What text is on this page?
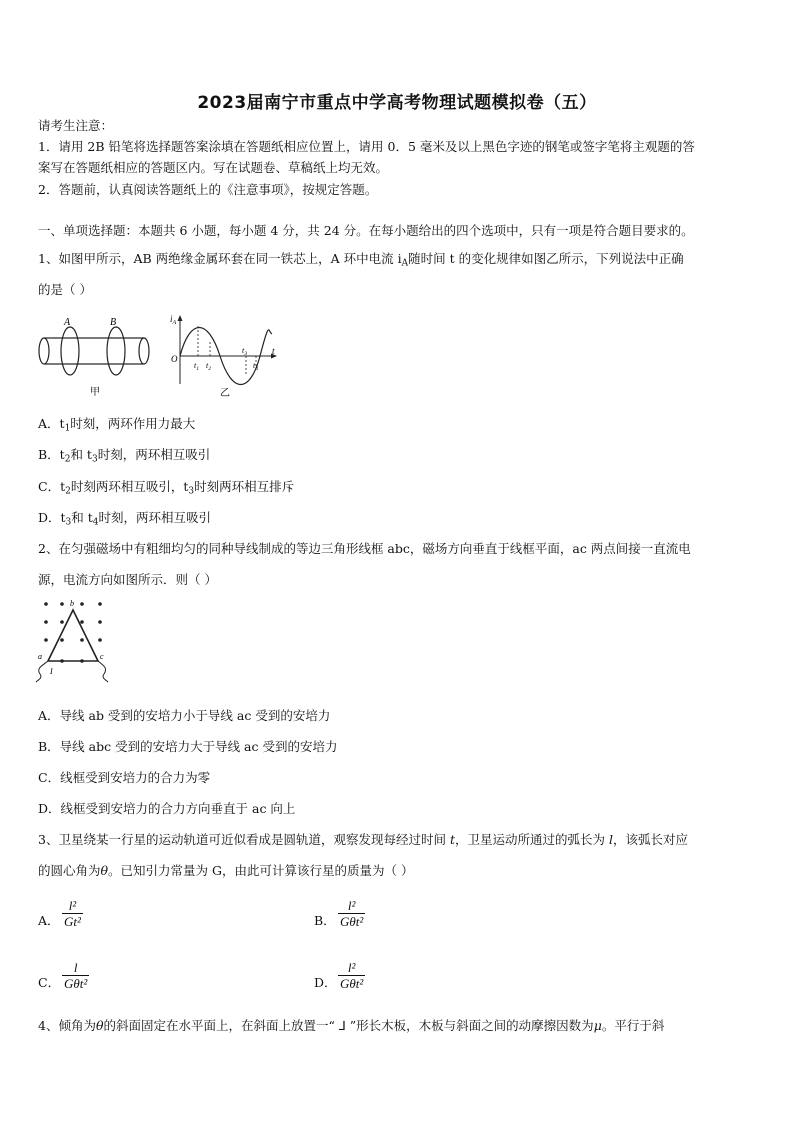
2023届南宁市重点中学高考物理试题模拟卷（五）
请考生注意：
1．请用 2B 铅笔将选择题答案涂填在答题纸相应位置上，请用 0．5 毫米及以上黑色字迹的钢笔或签字笔将主观题的答
案写在答题纸相应的答题区内。写在试题卷、草稿纸上均无效。
2．答题前，认真阅读答题纸上的《注意事项》，按规定答题。
一、单项选择题：本题共 6 小题，每小题 4 分，共 24 分。在每小题给出的四个选项中，只有一项是符合题目要求的。
1、如图甲所示，AB 两绝缘金属环套在同一铁芯上，A 环中电流 $i_A$随时间 t 的变化规律如图乙所示，下列说法中正确
的是（ ）
A	B
甲
$i_A$
O
t
$t_1$ $t_2$
$t_3$
$t_4$
乙
A．$t_1$时刻，两环作用力最大
B．$t_2$和 $t_3$时刻，两环相互吸引
C．$t_2$时刻两环相互吸引，$t_3$时刻两环相互排斥
D．$t_3$和 $t_4$时刻，两环相互吸引
2、在匀强磁场中有粗细均匀的同种导线制成的等边三角形线框 abc，磁场方向垂直于线框平面，ac 两点间接一直流电
源，电流方向如图所示．则（ ）
b
a	c
I
A．导线 ab 受到的安培力小于导线 ac 受到的安培力
B．导线 abc 受到的安培力大于导线 ac 受到的安培力
C．线框受到安培力的合力为零
D．线框受到安培力的合力方向垂直于 ac 向上
3、卫星绕某一行星的运动轨道可近似看成是圆轨道，观察发现每经过时间 t，卫星运动所通过的弧长为 l，该弧长对应
的圆心角为θ。已知引力常量为 G，由此可计算该行星的质量为（ ）
A．
l²
Gt²	B．
l²
Gθt²
C．
l
Gθt²	D．
l²
Gθt²
4、倾角为θ的斜面固定在水平面上，在斜面上放置一“ ⅃ ”形长木板，木板与斜面之间的动摩擦因数为μ。平行于斜
